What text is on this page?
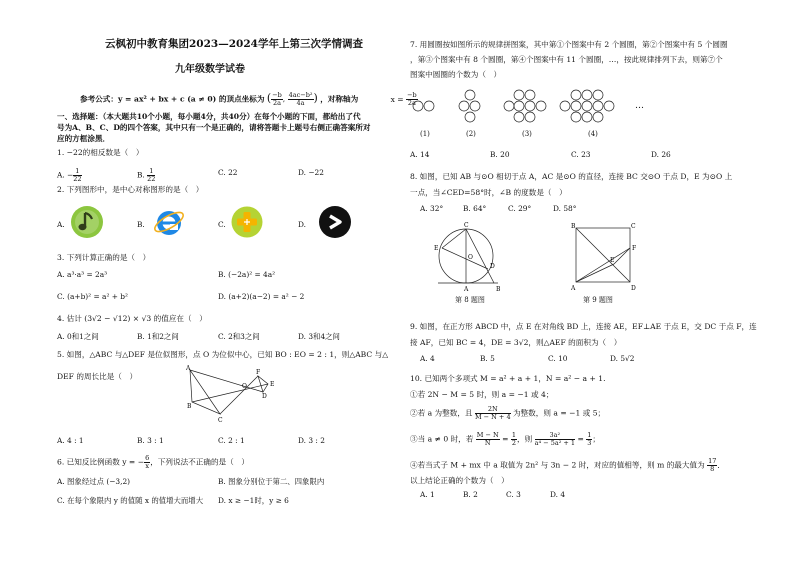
云枫初中教育集团2023—2024学年上第三次学情调查
九年级数学试卷
参考公式：y = ax² + bx + c (a ≠ 0) 的顶点坐标为 ( $\frac{-b}{2a}$ , $\frac{\text{4ac−b²}}{4a}$ ) ，对称轴为	$x = \frac{-b}{2a}$
一、选择题：（本大题共10个小题，每小题4分，共40分）在每个小题的下面，都给出了代
号为A、B、C、D的四个答案，其中只有一个是正确的，请将答题卡上题号右侧正确答案所对
应的方框涂黑．
1. −22的相反数是（　）
A. − $\frac{1}{22}$	B. $\frac{1}{22}$	C. 22	D. −22
2. 下列图形中，是中心对称图形的是（　）
A.	B.	C.	D.
3. 下列计算正确的是（　）
A. a³·a³ = 2a³	B. (−2a)² = 4a²
C. (a+b)² = a² + b²	D. (a+2)(a−2) = a² − 2
4. 估计 (3√2 − √12) × √3 的值应在（　）
A. 0和1之间	B. 1和2之间	C. 2和3之间	D. 3和4之间
5. 如图，△ABC 与△DEF 是位似图形，点 O 为位似中心，已知 BO : EO = 2 : 1，则△ABC 与△
DEF 的周长比是（　）
A
B
C
O
F
D
E
A. 4 : 1	B. 3 : 1	C. 2 : 1	D. 3 : 2
6. 已知反比例函数 y = − $\frac{6}{x}$ ，下列说法不正确的是（　）
A. 图象经过点 (−3,2)	B. 图象分别位于第二、四象限内
C. 在每个象限内 y 的值随 x 的值增大而增大 D. x ≥ −1时，y ≥ 6
7. 用圆圈按如图所示的规律拼图案，其中第①个图案中有 2 个圆圈，第②个图案中有 5 个圆圈
，第③个图案中有 8 个圆圈，第④个图案中有 11 个圆圈，…，按此规律排列下去，则第⑦个
图案中圆圈的个数为（　）
(1)	(2)	(3)	(4)
…
A. 14	B. 20	C. 23	D. 26
8. 如图，已知 AB 与⊙O 相切于点 A，AC 是⊙O 的直径，连接 BC 交⊙O 于点 D，E 为⊙O 上
一点，当∠CED=58°时，∠B 的度数是（　）
A. 32°	B. 64°	C. 29°	D. 58°
C
E
O
D
A	B
第 8 题图
B	C
A	D
F
E
第 9 题图
9. 如图，在正方形 ABCD 中，点 E 在对角线 BD 上，连接 AE，EF⊥AE 于点 E，交 DC 于点 F，连
接 AF，已知 BC = 4，DE = 3√2，则△AEF 的面积为（　）
A. 4	B. 5	C. 10	D. 5√2
10. 已知两个多项式 M = a² + a + 1，N = a² − a + 1.
①若 2N − M = 5 时，则 a = −1 或 4；
②若 a 为整数，且 $\frac{2N}{M - N + 4}$ 为整数，则 a = −1 或 5；
③当 a ≠ 0 时，若 $\frac{M - N}{N} = \frac{1}{2}$ ，则 $\frac{\text{3a²}}{\text{a⁴ − 5a² + 1}} = \frac{1}{3}$ ；
④若当式子 M + mx 中 a 取值为 2n² 与 3n − 2 时，对应的值相等，则 m 的最大值为 $\frac{17}{8}$ ．
以上结论正确的个数为（　）
A. 1	B. 2	C. 3	D. 4
